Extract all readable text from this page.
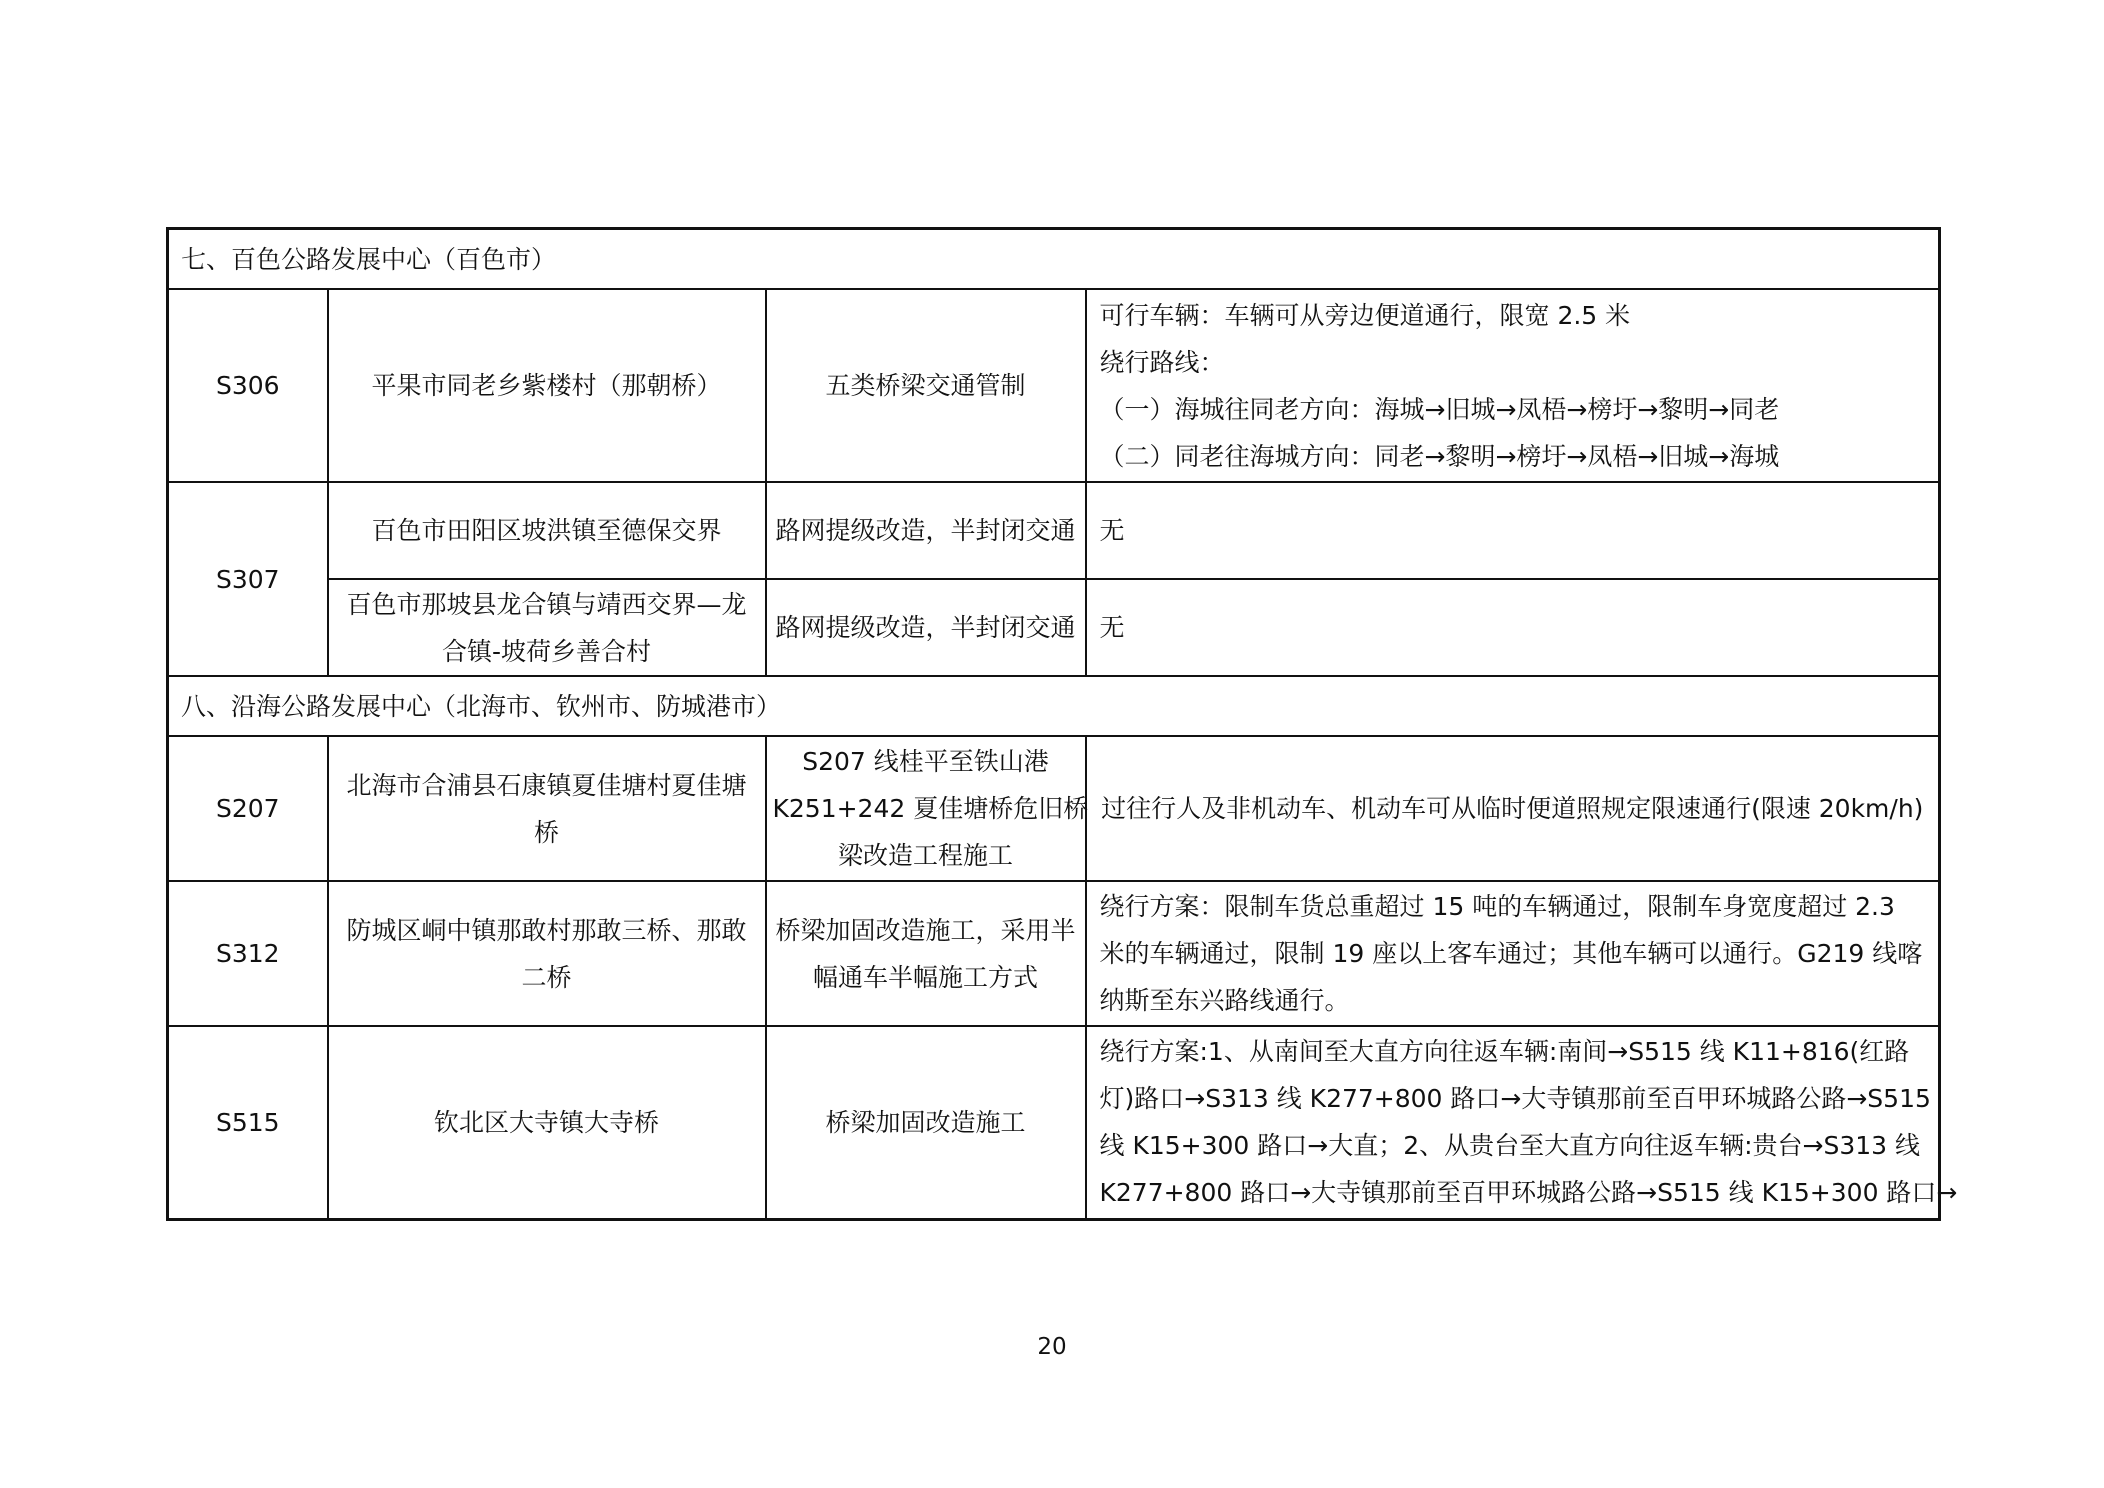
七、百色公路发展中心（百色市）			
S306	平果市同老乡紫楼村（那朝桥）	五类桥梁交通管制	可行车辆：车辆可从旁边便道通行，限宽 2.5 米
绕行路线：
（一）海城往同老方向：海城→旧城→凤梧→榜圩→黎明→同老
（二）同老往海城方向：同老→黎明→榜圩→凤梧→旧城→海城

S307	百色市田阳区坡洪镇至德保交界	路网提级改造，半封闭交通	无
	百色市那坡县龙合镇与靖西交界—龙合镇-坡荷乡善合村	路网提级改造，半封闭交通	无
八、沿海公路发展中心（北海市、钦州市、防城港市）			
S207	北海市合浦县石康镇夏佳塘村夏佳塘桥	S207 线桂平至铁山港
K251+242 夏佳塘桥危旧桥
梁改造工程施工	过往行人及非机动车、机动车可从临时便道照规定限速通行(限速 20km/h)
S312	防城区峒中镇那敢村那敢三桥、那敢二桥	桥梁加固改造施工，采用半幅通车半幅施工方式	绕行方案：限制车货总重超过 15 吨的车辆通过，限制车身宽度超过 2.3
米的车辆通过，限制 19 座以上客车通过；其他车辆可以通行。G219 线喀
纳斯至东兴路线通行。

S515	钦北区大寺镇大寺桥	桥梁加固改造施工	绕行方案:1、从南间至大直方向往返车辆:南间→S515 线 K11+816(红路
灯)路口→S313 线 K277+800 路口→大寺镇那前至百甲环城路公路→S515
线 K15+300 路口→大直；2、从贵台至大直方向往返车辆:贵台→S313 线
K277+800 路口→大寺镇那前至百甲环城路公路→S515 线 K15+300 路口→
20
